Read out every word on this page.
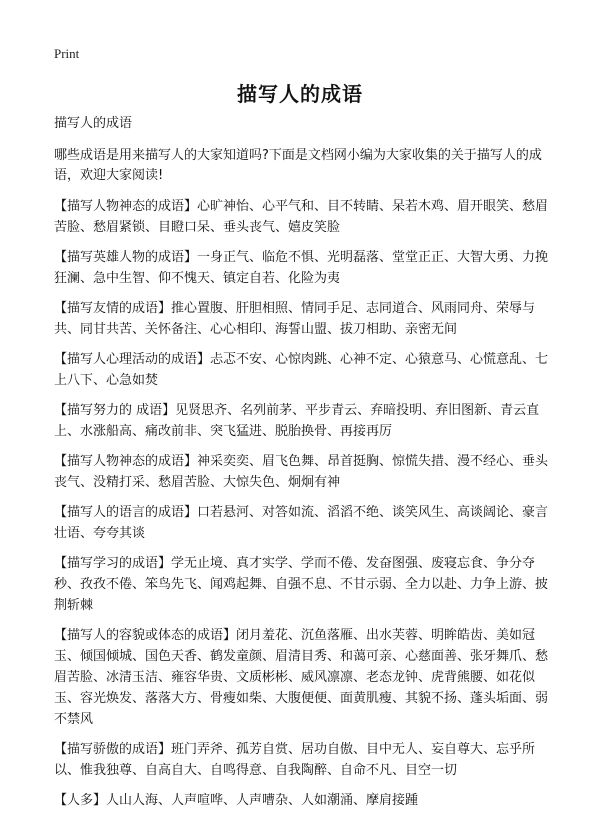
Print
描写人的成语

描写人的成语

哪些成语是用来描写人的大家知道吗?下面是文档网小编为大家收集的关于描写人的成语，欢迎大家阅读!

【描写人物神态的成语】心旷神怡、心平气和、目不转睛、呆若木鸡、眉开眼笑、愁眉苦脸、愁眉紧锁、目瞪口呆、垂头丧气、嬉皮笑脸

【描写英雄人物的成语】一身正气、临危不惧、光明磊落、堂堂正正、大智大勇、力挽狂澜、急中生智、仰不愧天、镇定自若、化险为夷

【描写友情的成语】推心置腹、肝胆相照、情同手足、志同道合、风雨同舟、荣辱与共、同甘共苦、关怀备注、心心相印、海誓山盟、拔刀相助、亲密无间

【描写人心理活动的成语】忐忑不安、心惊肉跳、心神不定、心猿意马、心慌意乱、七上八下、心急如焚

【描写努力的 成语】见贤思齐、名列前茅、平步青云、弃暗投明、弃旧图新、青云直上、水涨船高、痛改前非、突飞猛进、脱胎换骨、再接再厉

【描写人物神态的成语】神采奕奕、眉飞色舞、昂首挺胸、惊慌失措、漫不经心、垂头丧气、没精打采、愁眉苦脸、大惊失色、炯炯有神

【描写人的语言的成语】口若悬河、对答如流、滔滔不绝、谈笑风生、高谈阔论、豪言壮语、夸夸其谈

【描写学习的成语】学无止境、真才实学、学而不倦、发奋图强、废寝忘食、争分夺秒、孜孜不倦、笨鸟先飞、闻鸡起舞、自强不息、不甘示弱、全力以赴、力争上游、披荆斩棘

【描写人的容貌或体态的成语】闭月羞花、沉鱼落雁、出水芙蓉、明眸皓齿、美如冠玉、倾国倾城、国色天香、鹤发童颜、眉清目秀、和蔼可亲、心慈面善、张牙舞爪、愁眉苦脸、冰清玉洁、雍容华贵、文质彬彬、威风凛凛、老态龙钟、虎背熊腰、如花似玉、容光焕发、落落大方、骨瘦如柴、大腹便便、面黄肌瘦、其貌不扬、蓬头垢面、弱不禁风

【描写骄傲的成语】班门弄斧、孤芳自赏、居功自傲、目中无人、妄自尊大、忘乎所以、惟我独尊、自高自大、自鸣得意、自我陶醉、自命不凡、目空一切

【人多】人山人海、人声喧哗、人声嘈杂、人如潮涌、摩肩接踵
